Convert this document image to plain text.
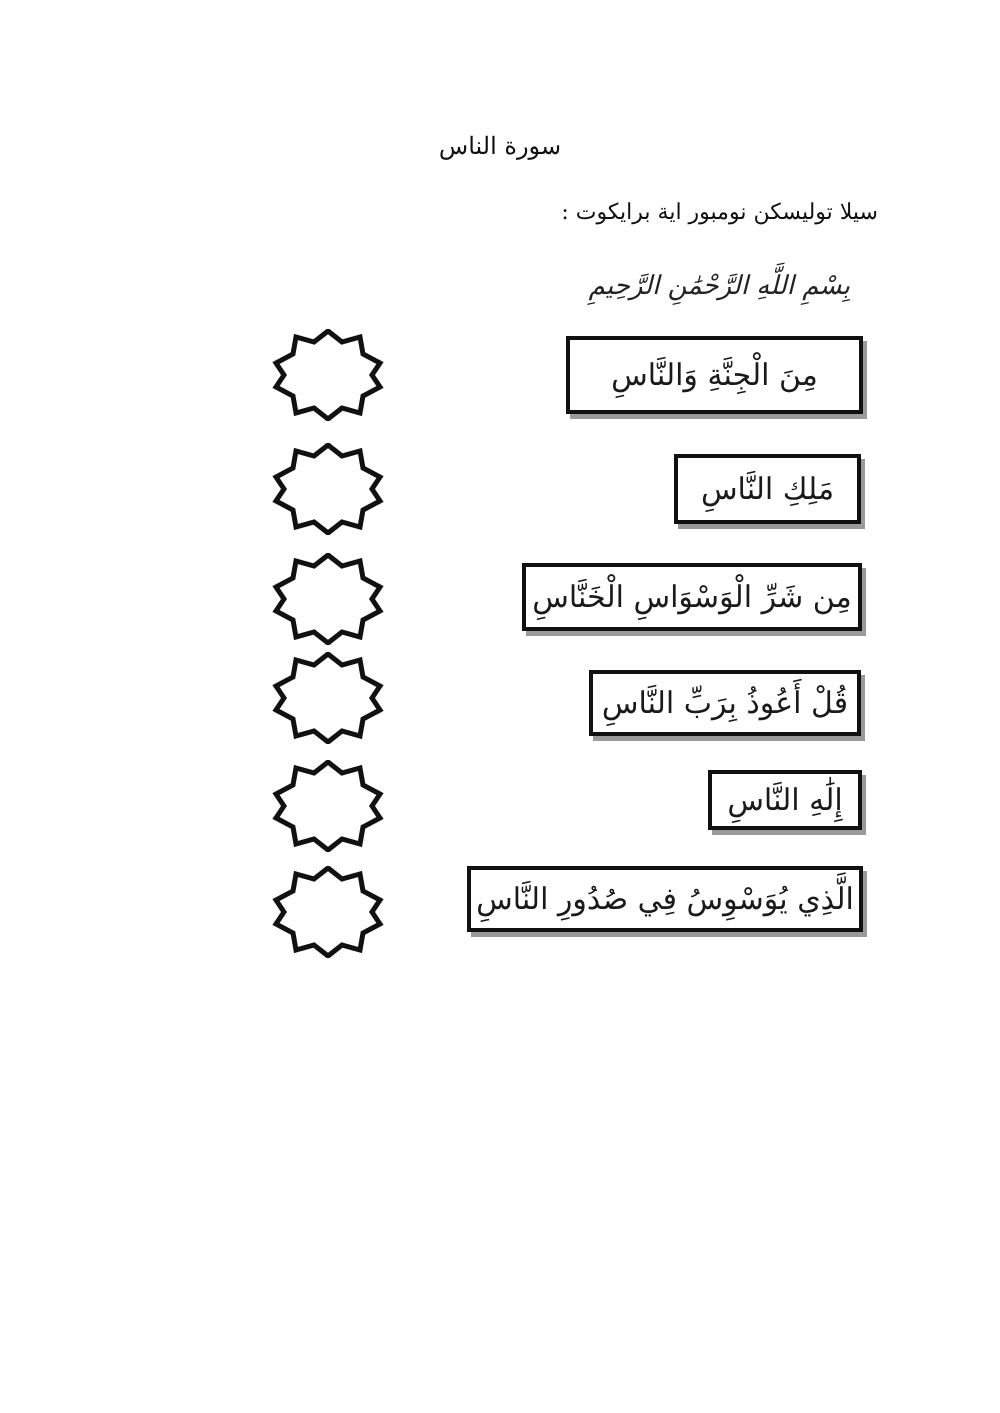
سورة الناس
سيلا توليسكن نومبور اية برايكوت :
بِسْمِ اللَّهِ الرَّحْمَٰنِ الرَّحِيمِ
مِنَ الْجِنَّةِ وَالنَّاسِ
مَلِكِ النَّاسِ
مِن شَرِّ الْوَسْوَاسِ الْخَنَّاسِ
قُلْ أَعُوذُ بِرَبِّ النَّاسِ
إِلَٰهِ النَّاسِ
الَّذِي يُوَسْوِسُ فِي صُدُورِ النَّاسِ
